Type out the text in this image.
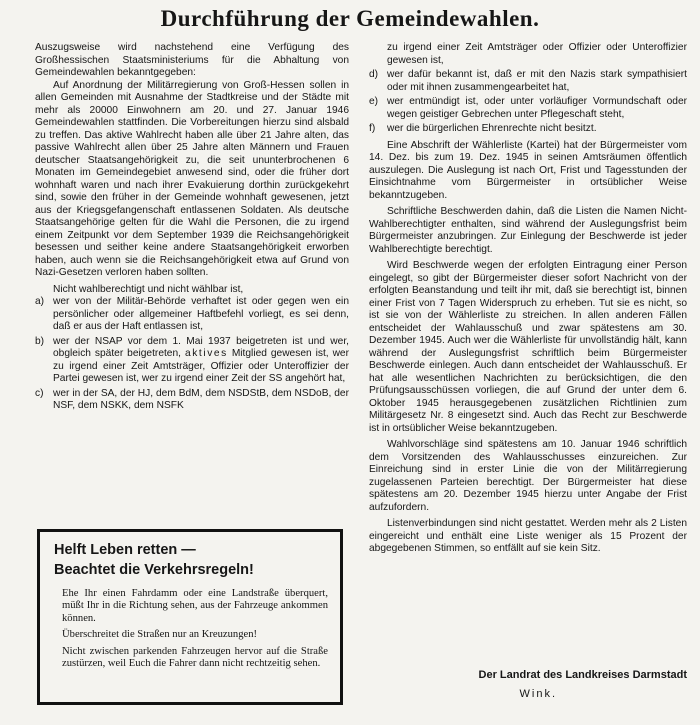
Durchführung der Gemeindewahlen.

Auszugsweise wird nachstehend eine Verfügung des Großhessischen Staatsministeriums für die Abhaltung von Gemeindewahlen bekanntgegeben:

Auf Anordnung der Militärregierung von Groß-Hessen sollen in allen Gemeinden mit Ausnahme der Stadtkreise und der Städte mit mehr als 20000 Einwohnern am 20. und 27. Januar 1946 Gemeindewahlen stattfinden. Die Vorbereitungen hierzu sind alsbald zu treffen. Das aktive Wahlrecht haben alle über 21 Jahre alten, das passive Wahlrecht allen über 25 Jahre alten Männern und Frauen deutscher Staatsangehörigkeit zu, die seit ununterbrochenen 6 Monaten im Gemeindegebiet anwesend sind, oder die früher dort wohnhaft waren und nach ihrer Evakuierung dorthin zurückgekehrt sind, sowie den früher in der Gemeinde wohnhaft gewesenen, jetzt aus der Kriegsgefangenschaft entlassenen Soldaten. Als deutsche Staatsangehörige gelten für die Wahl die Personen, die zu irgend einem Zeitpunkt vor dem September 1939 die Reichsangehörigkeit besessen und seither keine andere Staatsangehörigkeit erworben haben, auch wenn sie die Reichsangehörigkeit etwa auf Grund von Nazi-Gesetzen verloren haben sollten.

Nicht wahlberechtigt und nicht wählbar ist,

a) wer von der Militär-Behörde verhaftet ist oder gegen wen ein persönlicher oder allgemeiner Haftbefehl vorliegt, es sei denn, daß er aus der Haft entlassen ist,
b) wer der NSAP vor dem 1. Mai 1937 beigetreten ist und wer, obgleich später beigetreten, aktives Mitglied gewesen ist, wer zu irgend einer Zeit Amtsträger, Offizier oder Unteroffizier der Partei gewesen ist, wer zu irgend einer Zeit der SS angehört hat,
c) wer in der SA, der HJ, dem BdM, dem NSDStB, dem NSDoB, der NSF, dem NSKK, dem NSFK

Helft Leben retten —

Beachtet die Verkehrsregeln!

Ehe Ihr einen Fahrdamm oder eine Landstraße überquert, müßt Ihr in die Richtung sehen, aus der Fahrzeuge ankommen können.

Überschreitet die Straßen nur an Kreuzungen!

Nicht zwischen parkenden Fahrzeugen hervor auf die Straße zustürzen, weil Euch die Fahrer dann nicht rechtzeitig sehen.

zu irgend einer Zeit Amtsträger oder Offizier oder Unteroffizier gewesen ist,

d) wer dafür bekannt ist, daß er mit den Nazis stark sympathisiert oder mit ihnen zusammengearbeitet hat,
e) wer entmündigt ist, oder unter vorläufiger Vormundschaft oder wegen geistiger Gebrechen unter Pflegeschaft steht,
f)	wer die bürgerlichen Ehrenrechte nicht besitzt.

Eine Abschrift der Wählerliste (Kartei) hat der Bürgermeister vom 14. Dez. bis zum 19. Dez. 1945 in seinen Amtsräumen öffentlich auszulegen. Die Auslegung ist nach Ort, Frist und Tagesstunden der Einsichtnahme vom Bürgermeister in ortsüblicher Weise bekanntzugeben.

Schriftliche Beschwerden dahin, daß die Listen die Namen Nicht-Wahlberechtigter enthalten, sind während der Auslegungsfrist beim Bürgermeister anzubringen. Zur Einlegung der Beschwerde ist jeder Wahlberechtigte berechtigt.

Wird Beschwerde wegen der erfolgten Eintragung einer Person eingelegt, so gibt der Bürgermeister dieser sofort Nachricht von der erfolgten Beanstandung und teilt ihr mit, daß sie berechtigt ist, binnen einer Frist von 7 Tagen Widerspruch zu erheben. Tut sie es nicht, so ist sie von der Wählerliste zu streichen. In allen anderen Fällen entscheidet der Wahlausschuß und zwar spätestens am 30. Dezember 1945. Auch wer die Wählerliste für unvollständig hält, kann während der Auslegungsfrist schriftlich beim Bürgermeister Beschwerde einlegen. Auch dann entscheidet der Wahlausschuß. Er hat alle wesentlichen Nachrichten zu berücksichtigen, die den Prüfungsausschüssen vorliegen, die auf Grund der unter dem 6. Oktober 1945 herausgegebenen zusätzlichen Richtlinien zum Militärgesetz Nr. 8 eingesetzt sind. Auch das Recht zur Beschwerde ist in ortsüblicher Weise bekanntzugeben.

Wahlvorschläge sind spätestens am 10. Januar 1946 schriftlich dem Vorsitzenden des Wahlausschusses einzureichen. Zur Einreichung sind in erster Linie die von der Militärregierung zugelassenen Parteien berechtigt. Der Bürgermeister hat diese spätestens am 20. Dezember 1945 hierzu unter Angabe der Frist aufzufordern.

Listenverbindungen sind nicht gestattet. Werden mehr als 2 Listen eingereicht und enthält eine Liste weniger als 15 Prozent der abgegebenen Stimmen, so entfällt auf sie kein Sitz.

Der Landrat des Landkreises Darmstadt
Wink.
